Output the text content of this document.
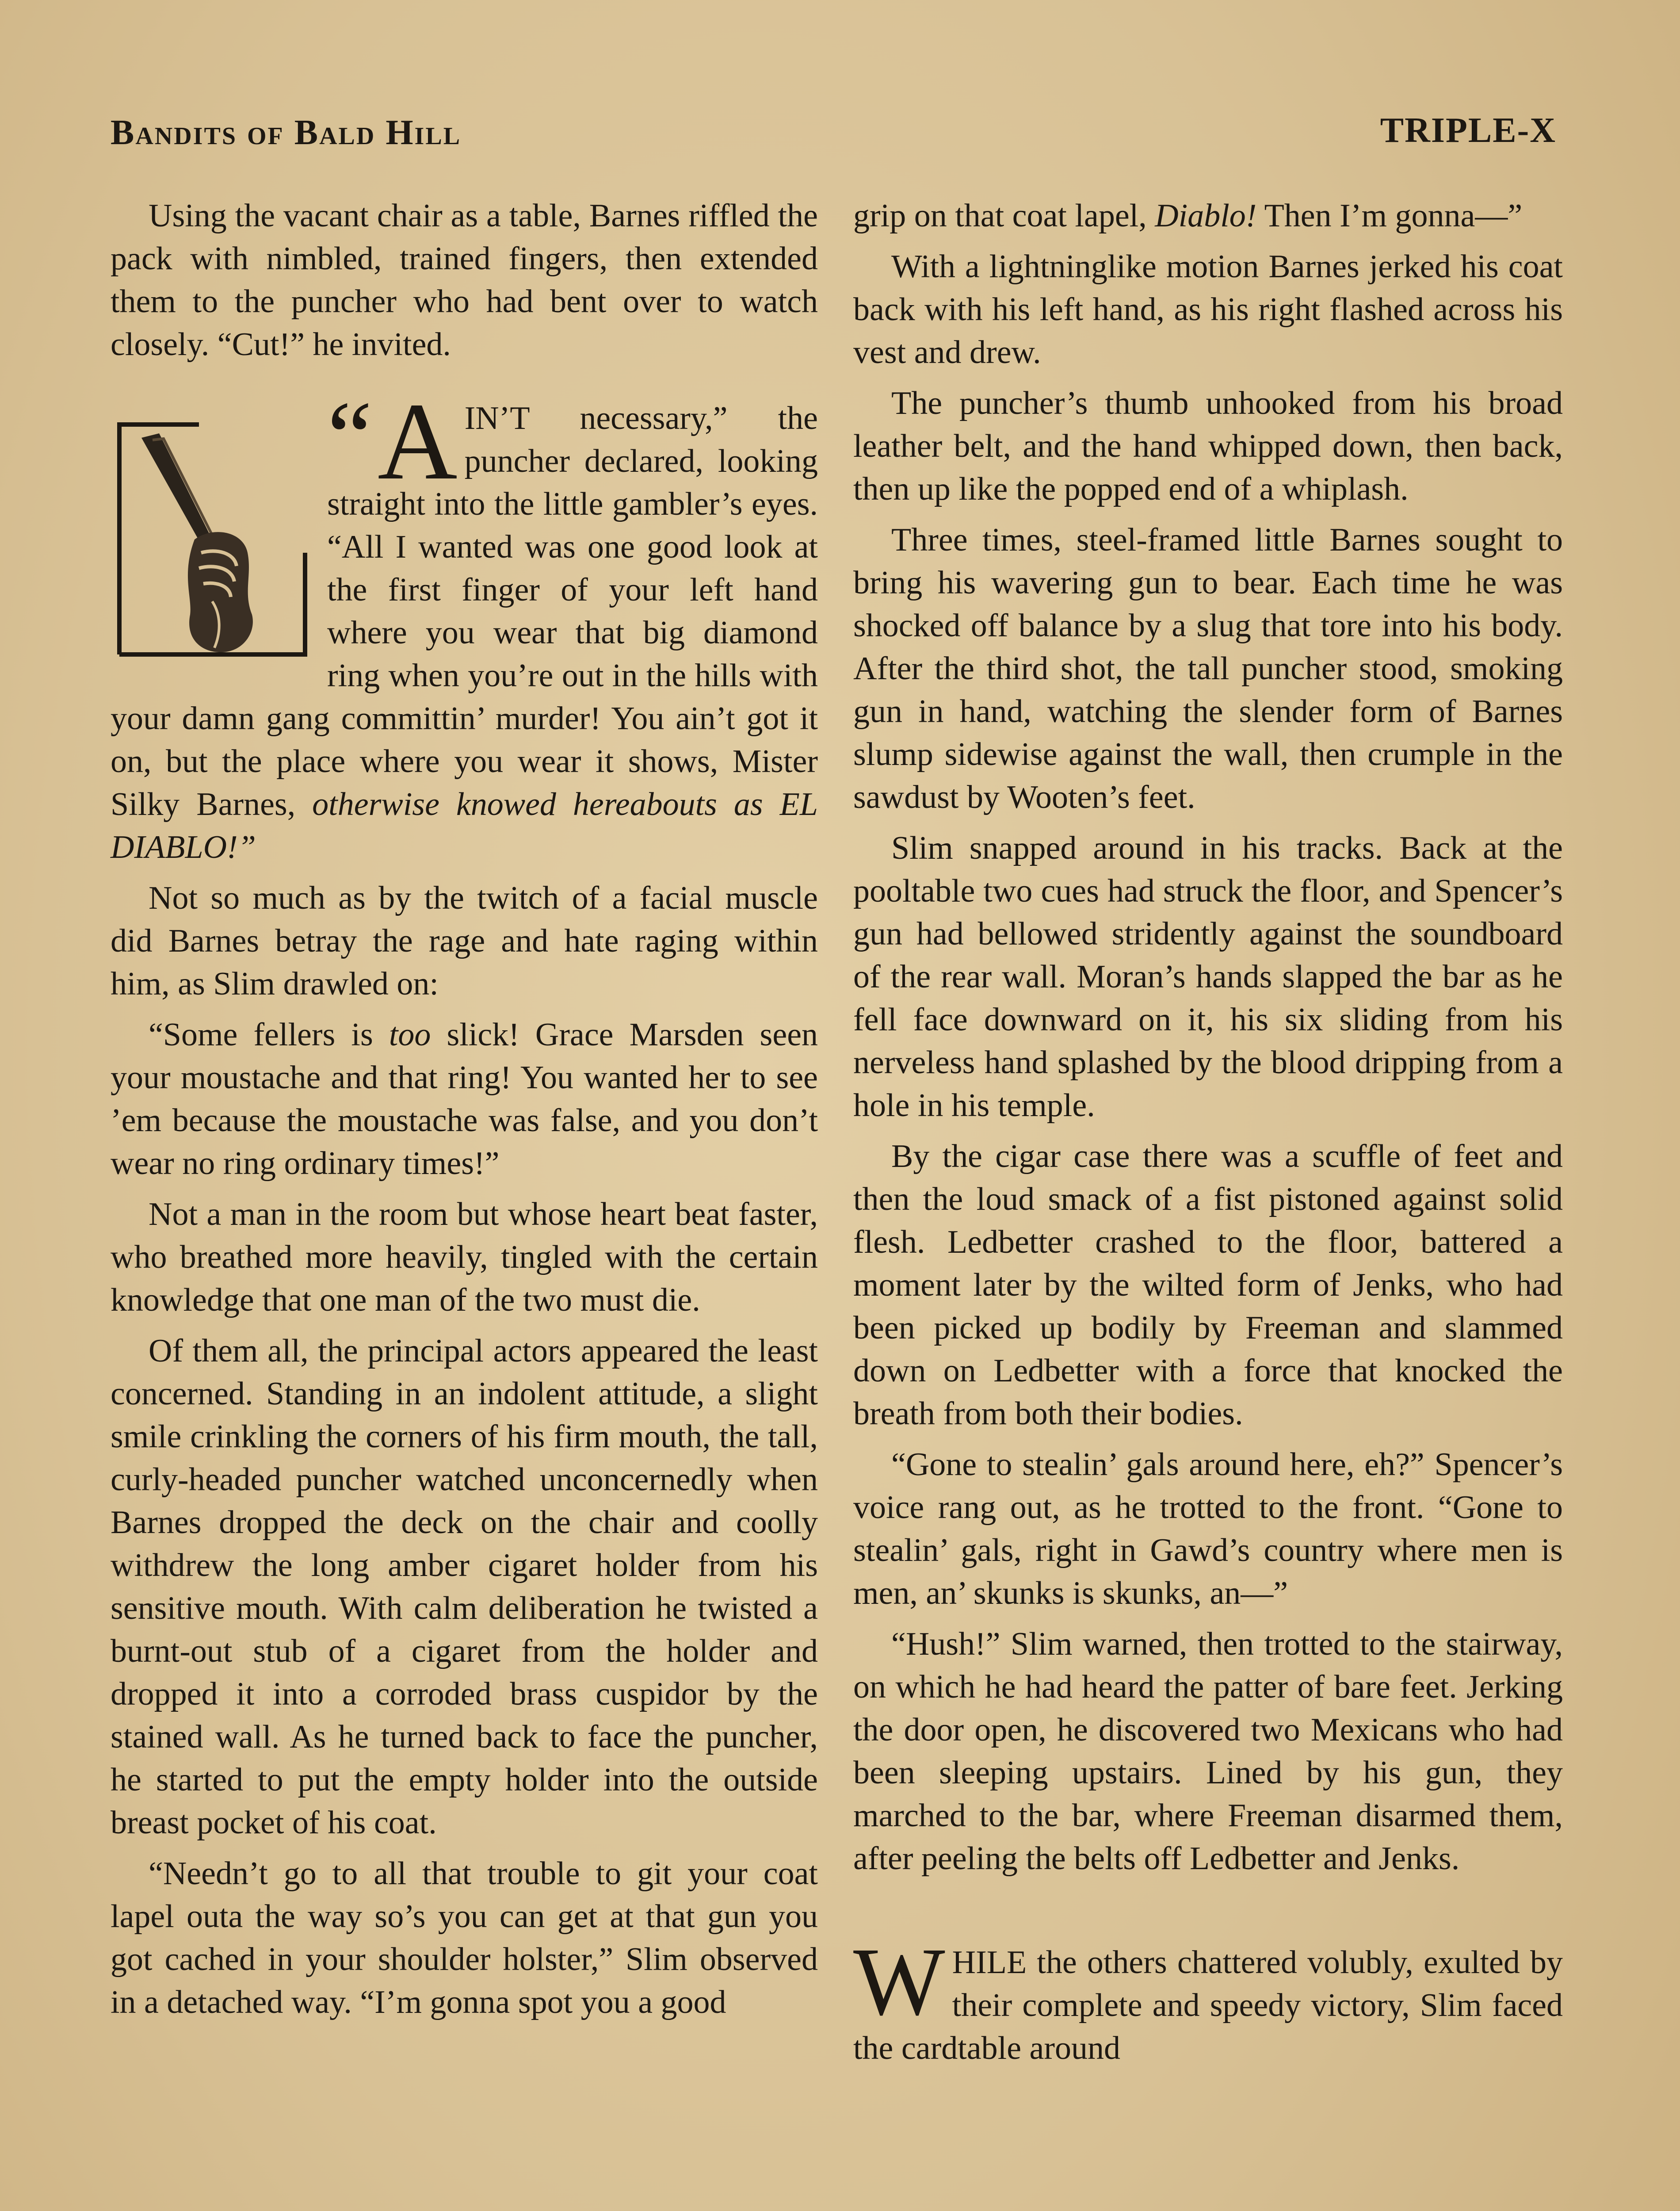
Bandits of Bald Hill	TRIPLE-X

Using the vacant chair as a table, Barnes riffled the pack with nimbled, trained fingers, then extended them to the puncher who had bent over to watch closely. “Cut!” he invited.

“ A IN’T necessary,” the puncher declared, looking straight into the little gambler’s eyes. “All I wanted was one good look at the first finger of your left hand where you wear that big diamond ring when you’re out in the hills with your damn gang committin’ murder! You ain’t got it on, but the place where you wear it shows, Mister Silky Barnes, otherwise knowed hereabouts as EL DIABLO!”

Not so much as by the twitch of a facial muscle did Barnes betray the rage and hate raging within him, as Slim drawled on:

“Some fellers is too slick! Grace Marsden seen your moustache and that ring! You wanted her to see ’em because the moustache was false, and you don’t wear no ring ordinary times!”

Not a man in the room but whose heart beat faster, who breathed more heavily, tingled with the certain knowledge that one man of the two must die.

Of them all, the principal actors appeared the least concerned. Standing in an indolent attitude, a slight smile crinkling the corners of his firm mouth, the tall, curly-headed puncher watched unconcernedly when Barnes dropped the deck on the chair and coolly withdrew the long amber cigaret holder from his sensitive mouth. With calm deliberation he twisted a burnt-out stub of a cigaret from the holder and dropped it into a corroded brass cuspidor by the stained wall. As he turned back to face the puncher, he started to put the empty holder into the outside breast pocket of his coat.

“Needn’t go to all that trouble to git your coat lapel outa the way so’s you can get at that gun you got cached in your shoulder holster,” Slim observed in a detached way. “I’m gonna spot you a good

grip on that coat lapel, Diablo! Then I’m gonna—”

With a lightninglike motion Barnes jerked his coat back with his left hand, as his right flashed across his vest and drew.

The puncher’s thumb unhooked from his broad leather belt, and the hand whipped down, then back, then up like the popped end of a whiplash.

Three times, steel-framed little Barnes sought to bring his wavering gun to bear. Each time he was shocked off balance by a slug that tore into his body. After the third shot, the tall puncher stood, smoking gun in hand, watching the slender form of Barnes slump sidewise against the wall, then crumple in the sawdust by Wooten’s feet.

Slim snapped around in his tracks. Back at the pooltable two cues had struck the floor, and Spencer’s gun had bellowed stridently against the soundboard of the rear wall. Moran’s hands slapped the bar as he fell face downward on it, his six sliding from his nerveless hand splashed by the blood dripping from a hole in his temple.

By the cigar case there was a scuffle of feet and then the loud smack of a fist pistoned against solid flesh. Ledbetter crashed to the floor, battered a moment later by the wilted form of Jenks, who had been picked up bodily by Freeman and slammed down on Ledbetter with a force that knocked the breath from both their bodies.

“Gone to stealin’ gals around here, eh?” Spencer’s voice rang out, as he trotted to the front. “Gone to stealin’ gals, right in Gawd’s country where men is men, an’ skunks is skunks, an—”

“Hush!” Slim warned, then trotted to the stairway, on which he had heard the patter of bare feet. Jerking the door open, he discovered two Mexicans who had been sleeping upstairs. Lined by his gun, they marched to the bar, where Freeman disarmed them, after peeling the belts off Ledbetter and Jenks.

W HILE the others chattered volubly, exulted by their complete and speedy victory, Slim faced the cardtable around
